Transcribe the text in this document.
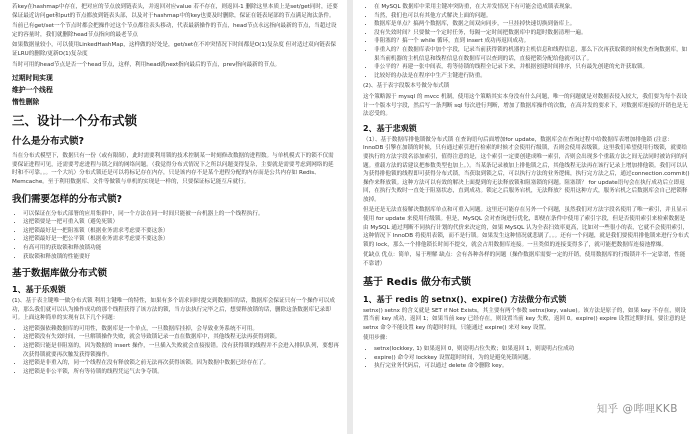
若key在hashmap中存在，把对应的节点放到链表头，并返回对应value 若不存在，则返回-1 删除这里本质上是set/get同时，还要保证最近访问get和put的节点都放到链表头部，以及对于hashmap中的key也要及时删除，保证在链表尾部的节点满足淘汰条件。

当前已有get/set一个节点时都会把操作过这个节点都往表头移动，代表最新操作的节点，head节点永远指向最新的节点，当超过设定的容量时，我们就删除head节点指向的最老节点

如果数据量较小，可以使用LinkedHashMap，这样做的好处是，get/set在不冲突情况下时间都是O(1)复杂度 但对适过双向链表保证LRU的删除/更新O(1)复杂度

当时可用的head节点是否一个head节点，这样，利用head就next指向最后的节点，prev指向最新的节点。

过期时间实现
维护一个线程
惰性删除
三、设计一个分布式锁
什么是分布式锁?

当在分布式模型下，数据只有一份（或有限制），此时需要利用锁的技术控制某一时刻修改数据的进程数。与单机模式下的锁不仅需要保证进程可见，还需要考虑进程与锁之间的网络问题。（我觉得分布式情况下之所以问题变得复杂，主要就是需要考虑到网络的延时和不可靠。。。一个大坑）分布式锁还是可以将标记存在内存，只是该内存不是某个进程分配的内存而是公共内存如 Redis、Memcache。至于利用数据库、文件等做锁与单机的实现是一样的，只要保证标记能互斥就行。

我们需要怎样的分布式锁?
• 可以保证在分布式部署的应用集群中，同一个方法在同一时间只能被一台机器上的一个线程执行。
• 这把锁要是一把可重入锁（避免死锁）
• 这把锁最好是一把阻塞锁（根据业务需求考虑要不要这条）
• 这把锁最好是一把公平锁（根据业务需求考虑要不要这条）
• 有高可用的获取锁和释放锁功能
• 获取锁和释放锁的性能要好
基于数据库做分布式锁
1、基于乐观锁

(1)、基于表主键唯一做分布式锁 利用主键唯一的特性，如果有多个请求同时提交到数据库的话，数据库会保证只有一个操作可以成功，那么我们就可以认为操作成功的那个线程获得了该方法的锁，当方法执行完毕之后，想要释放锁的话，删除这条数据库记录即可。上面这种简单的实现有以下几个问题：

• 这把锁强依赖数据库的可用性，数据库是一个单点，一旦数据库挂掉，会导致业务系统不可用。
• 这把锁没有失效时间，一旦解锁操作失败，就会导致锁记录一直在数据库中，其他线程无法再获得到锁。
• 这把锁只能是非阻塞的，因为数据的 insert 操作，一旦插入失败就会直接报错。没有获得锁的线程并不会进入排队队列，要想再次获得锁就要再次触发获得锁操作。
• 这把锁是非重入的，同一个线程在没有释放锁之前无法再次获得该锁。因为数据中数据已经存在了。
• 这把锁是非公平锁，所有等待锁的线程凭运气去争夺锁。
• 在 MySQL 数据库中采用主键冲突防重，在大并发情况下有可能会造成锁表现象。
• 当然，我们也可以有其他方式解决上面的问题。
• 数据库是单点？搞两个数据库，数据之间双向同步，一旦挂掉快速切换到备库上。
• 没有失效时间？只要做一个定时任务，每隔一定时间把数据库中的超时数据清理一遍。
• 非阻塞的？搞一个 while 循环，直到 insert 成功再返回成功。
• 非重入的？在数据库表中加个字段，记录当前获得锁的机器的主机信息和线程信息，那么下次再获取锁的时候先查询数据库，如果当前机器的主机信息和线程信息在数据库可以查到的话，直接把锁分配给他就可以了。
• 非公平的？再建一张中间表，将等待锁的线程全记录下来，并根据创建时间排序，只有最先创建的允许获取锁。
• 比较好的办法是在程序中生产主键进行防重。

(2)、基于表字段版本号做分布式锁

这个策略源于 mysql 的 mvcc 机制，使用这个策略其实本身没有什么问题，唯一的问题就是对数据表侵入较大，我们要为每个表设计一个版本号字段，然后写一条判断 sql 每次进行判断，增加了数据库操作的次数，在高并发的要求下，对数据库连接的开销也是无法忍受的。

2、基于悲观锁

（1）、基于数据库排他锁做分布式锁 在查询语句后面增加for update，数据库会在查询过程中给数据库表增加排他锁 (注意： InnoDB 引擎在加锁的时候，只有通过索引进行检索的时候才会使用行级锁，否则会使用表级锁。这里我们希望使用行级锁，就要给要执行的方法字段名添加索引，值得注意的是，这个索引一定要创建成唯一索引，否则会出现多个重载方法之间无法同时被访问的问题。重载方法的话建议把参数类型也加上。）。当某条记录被加上排他锁之后，其他线程无法再在该行记录上增加排他锁。我们可以认为获得排他锁的线程即可获得分布式锁，当获取到锁之后，可以执行方法的业务逻辑，执行完方法之后，通过connection.commit()操作来释放锁。这种方法可以有效的解决上面提到的无法释放锁和阻塞锁的问题。阻塞锁？ for update语句会在执行成功后立即返回，在执行失败时一直处于阻塞状态，直到成功。锁定之后服务宕机，无法释放？使用这种方式，服务宕机之后数据库会自己把锁释放掉。

但是还是无法直接解决数据库单点和可重入问题。这里还可能存在另外一个问题，虽然我们对方法字段名使用了唯一索引，并且显示使用 for update 来使用行级锁。但是，MySQL 会对查询进行优化，即便在条件中使用了索引字段，但是否使用索引来检索数据是由 MySQL 通过判断不同执行计划的代价来决定的，如果 MySQL 认为全表扫效率更高，比如对一些很小的表，它就不会使用索引，这种情况下 InnoDB 将使用表锁，而不是行锁。如果发生这种情况就悲剧了。。。还有一个问题，就是我们要使用排他锁来进行分布式锁的 lock，那么一个排他锁长时间不提交，就会占用数据库连接。一旦类似的连接变得多了，就可能把数据库连接池撑爆。

优缺点 优点：简单，易于理解 缺点：会有各种各样的问题（操作数据库需要一定的开销，使用数据库的行级锁并不一定靠谱，性能不靠谱）

基于 Redis 做分布式锁
1、基于 redis 的 setnx()、expire() 方法做分布式锁

setnx() setnx 的含义就是 SET if Not Exists，其主要有两个参数 setnx(key, value)。该方法是原子的，如果 key 不存在，则设置当前 key 成功，返回 1；如果当前 key 已经存在，则设置当前 key 失败，返回 0。expire() expire 设置过期时间，要注意的是 setnx 命令不能设置 key 的超时时间，只能通过 expire() 来对 key 设置。

使用步骤：

• setnx(lockkey, 1) 如果返回 0，则说明占位失败；如果返回 1，则说明占位成功
• expire() 命令对 lockkey 设置超时时间，为的是避免死锁问题。
• 执行完业务代码后，可以通过 delete 命令删除 key。
知乎 @哔哩KKB
